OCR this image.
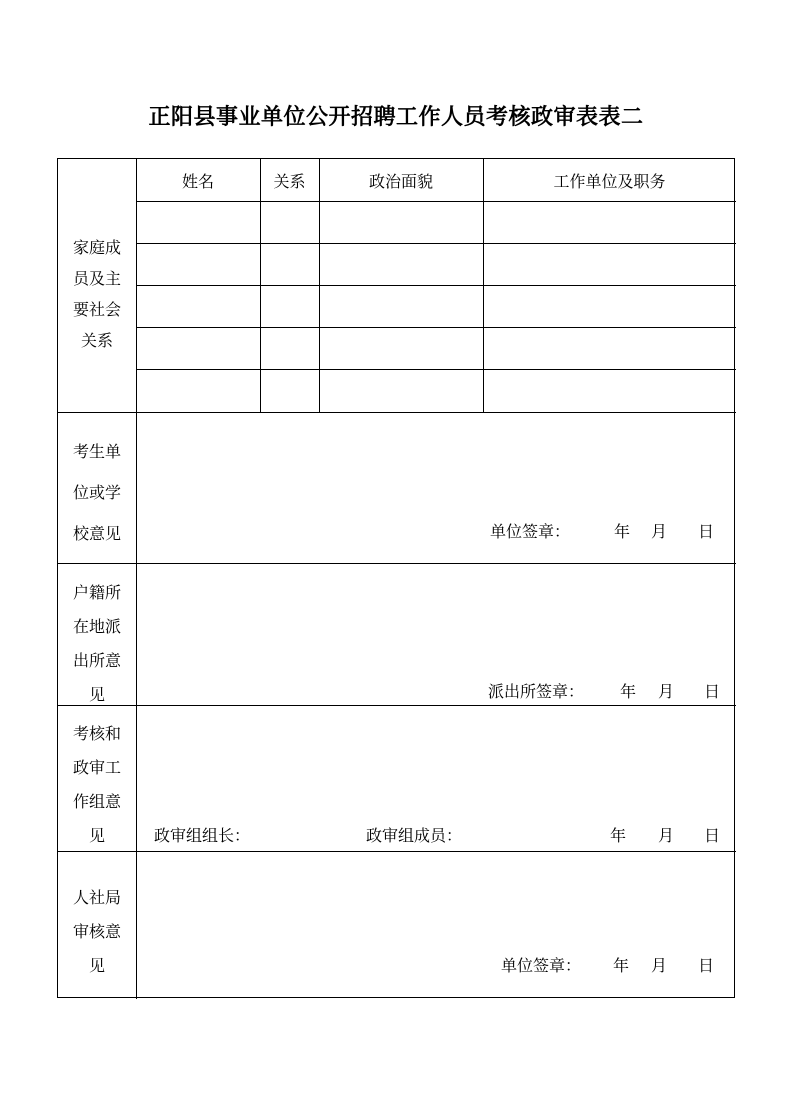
正阳县事业单位公开招聘工作人员考核政审表表二
姓名	关系	政治面貌	工作单位及职务
家庭成
员及主
要社会
关系
考生单
位或学
校意见	单位签章：	年 月 日
户籍所
在地派
出所意
见	派出所签章： 年 月 日
考核和
政审工
作组意
见	政审组组长：	政审组成员：	年 月 日
人社局
审核意
见	单位签章： 年 月 日
